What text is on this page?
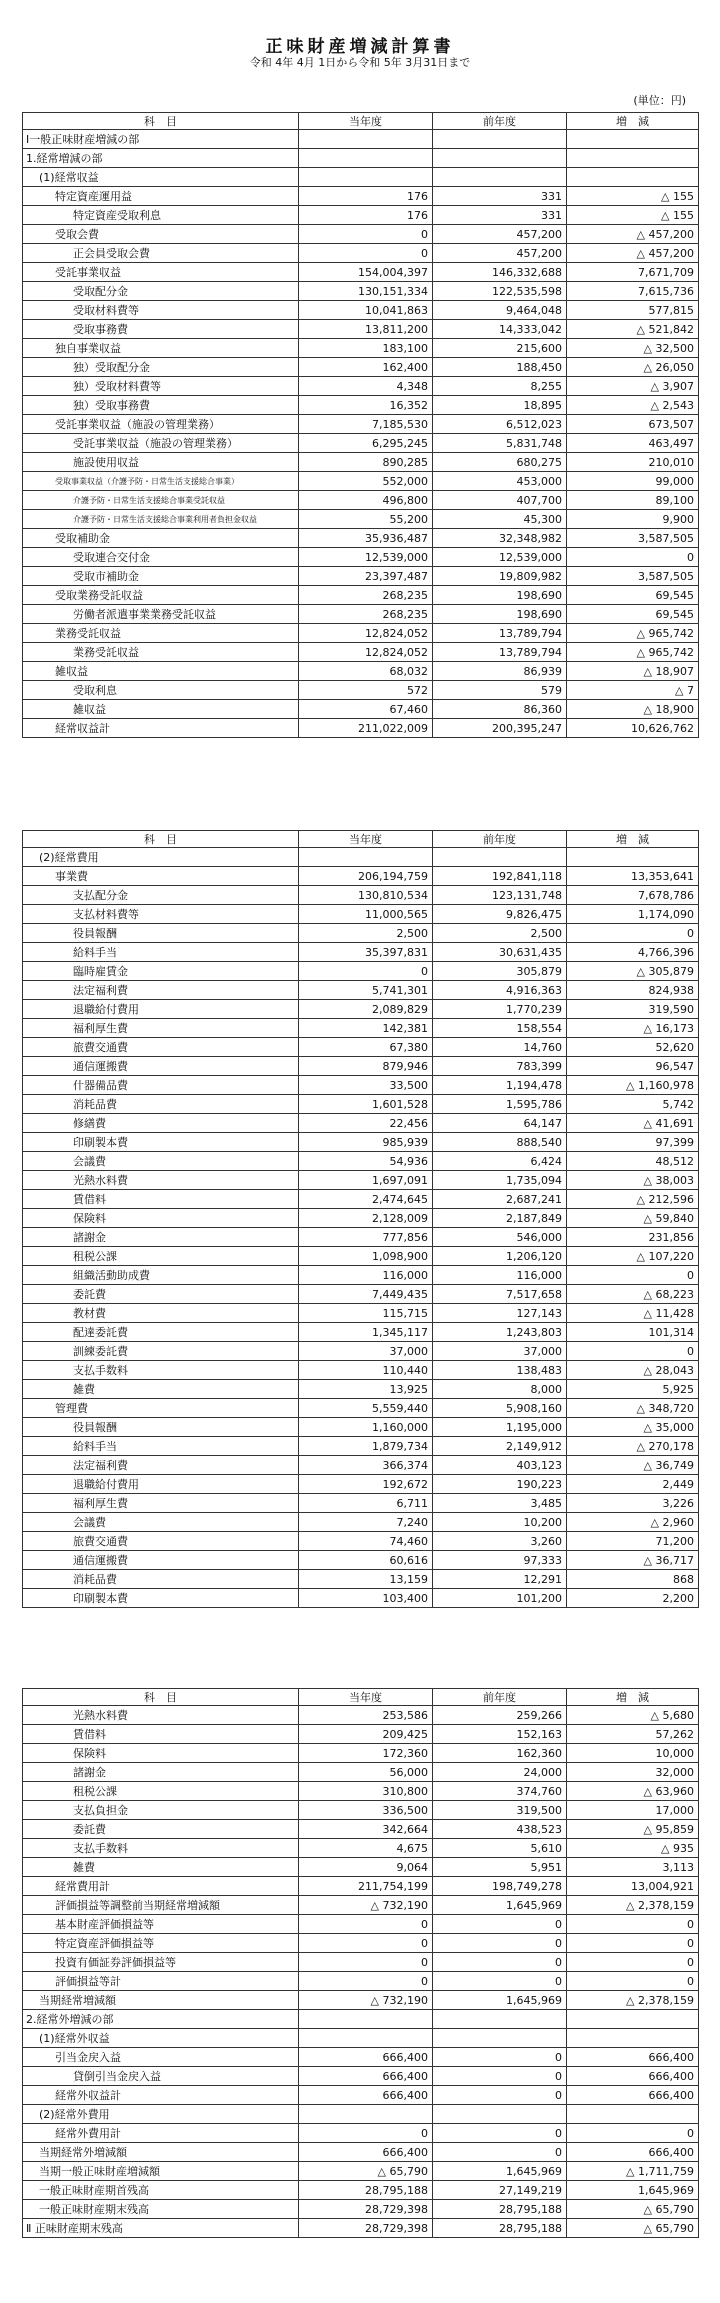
正味財産増減計算書
令和 4年 4月 1日から令和 5年 3月31日まで
(単位：円)
科　目	当年度	前年度	増　減
Ⅰ一般正味財産増減の部			
1.経常増減の部			
(1)経常収益			
特定資産運用益	176	331	△ 155
特定資産受取利息	176	331	△ 155
受取会費	0	457,200	△ 457,200
正会員受取会費	0	457,200	△ 457,200
受託事業収益	154,004,397	146,332,688	7,671,709
受取配分金	130,151,334	122,535,598	7,615,736
受取材料費等	10,041,863	9,464,048	577,815
受取事務費	13,811,200	14,333,042	△ 521,842
独自事業収益	183,100	215,600	△ 32,500
独）受取配分金	162,400	188,450	△ 26,050
独）受取材料費等	4,348	8,255	△ 3,907
独）受取事務費	16,352	18,895	△ 2,543
受託事業収益（施設の管理業務）	7,185,530	6,512,023	673,507
受託事業収益（施設の管理業務）	6,295,245	5,831,748	463,497
施設使用収益	890,285	680,275	210,010
受取事業収益（介護予防・日常生活支援総合事業）	552,000	453,000	99,000
介護予防・日常生活支援総合事業受託収益	496,800	407,700	89,100
介護予防・日常生活支援総合事業利用者負担金収益	55,200	45,300	9,900
受取補助金	35,936,487	32,348,982	3,587,505
受取連合交付金	12,539,000	12,539,000	0
受取市補助金	23,397,487	19,809,982	3,587,505
受取業務受託収益	268,235	198,690	69,545
労働者派遣事業業務受託収益	268,235	198,690	69,545
業務受託収益	12,824,052	13,789,794	△ 965,742
業務受託収益	12,824,052	13,789,794	△ 965,742
雑収益	68,032	86,939	△ 18,907
受取利息	572	579	△ 7
雑収益	67,460	86,360	△ 18,900
経常収益計	211,022,009	200,395,247	10,626,762
科　目	当年度	前年度	増　減
(2)経常費用			
事業費	206,194,759	192,841,118	13,353,641
支払配分金	130,810,534	123,131,748	7,678,786
支払材料費等	11,000,565	9,826,475	1,174,090
役員報酬	2,500	2,500	0
給料手当	35,397,831	30,631,435	4,766,396
臨時雇賃金	0	305,879	△ 305,879
法定福利費	5,741,301	4,916,363	824,938
退職給付費用	2,089,829	1,770,239	319,590
福利厚生費	142,381	158,554	△ 16,173
旅費交通費	67,380	14,760	52,620
通信運搬費	879,946	783,399	96,547
什器備品費	33,500	1,194,478	△ 1,160,978
消耗品費	1,601,528	1,595,786	5,742
修繕費	22,456	64,147	△ 41,691
印刷製本費	985,939	888,540	97,399
会議費	54,936	6,424	48,512
光熱水料費	1,697,091	1,735,094	△ 38,003
賃借料	2,474,645	2,687,241	△ 212,596
保険料	2,128,009	2,187,849	△ 59,840
諸謝金	777,856	546,000	231,856
租税公課	1,098,900	1,206,120	△ 107,220
組織活動助成費	116,000	116,000	0
委託費	7,449,435	7,517,658	△ 68,223
教材費	115,715	127,143	△ 11,428
配達委託費	1,345,117	1,243,803	101,314
訓練委託費	37,000	37,000	0
支払手数料	110,440	138,483	△ 28,043
雑費	13,925	8,000	5,925
管理費	5,559,440	5,908,160	△ 348,720
役員報酬	1,160,000	1,195,000	△ 35,000
給料手当	1,879,734	2,149,912	△ 270,178
法定福利費	366,374	403,123	△ 36,749
退職給付費用	192,672	190,223	2,449
福利厚生費	6,711	3,485	3,226
会議費	7,240	10,200	△ 2,960
旅費交通費	74,460	3,260	71,200
通信運搬費	60,616	97,333	△ 36,717
消耗品費	13,159	12,291	868
印刷製本費	103,400	101,200	2,200
科　目	当年度	前年度	増　減
光熱水料費	253,586	259,266	△ 5,680
賃借料	209,425	152,163	57,262
保険料	172,360	162,360	10,000
諸謝金	56,000	24,000	32,000
租税公課	310,800	374,760	△ 63,960
支払負担金	336,500	319,500	17,000
委託費	342,664	438,523	△ 95,859
支払手数料	4,675	5,610	△ 935
雑費	9,064	5,951	3,113
経常費用計	211,754,199	198,749,278	13,004,921
評価損益等調整前当期経常増減額	△ 732,190	1,645,969	△ 2,378,159
基本財産評価損益等	0	0	0
特定資産評価損益等	0	0	0
投資有価証券評価損益等	0	0	0
評価損益等計	0	0	0
当期経常増減額	△ 732,190	1,645,969	△ 2,378,159
2.経常外増減の部			
(1)経常外収益			
引当金戻入益	666,400	0	666,400
貸倒引当金戻入益	666,400	0	666,400
経常外収益計	666,400	0	666,400
(2)経常外費用			
経常外費用計	0	0	0
当期経常外増減額	666,400	0	666,400
当期一般正味財産増減額	△ 65,790	1,645,969	△ 1,711,759
一般正味財産期首残高	28,795,188	27,149,219	1,645,969
一般正味財産期末残高	28,729,398	28,795,188	△ 65,790
Ⅱ 正味財産期末残高	28,729,398	28,795,188	△ 65,790
